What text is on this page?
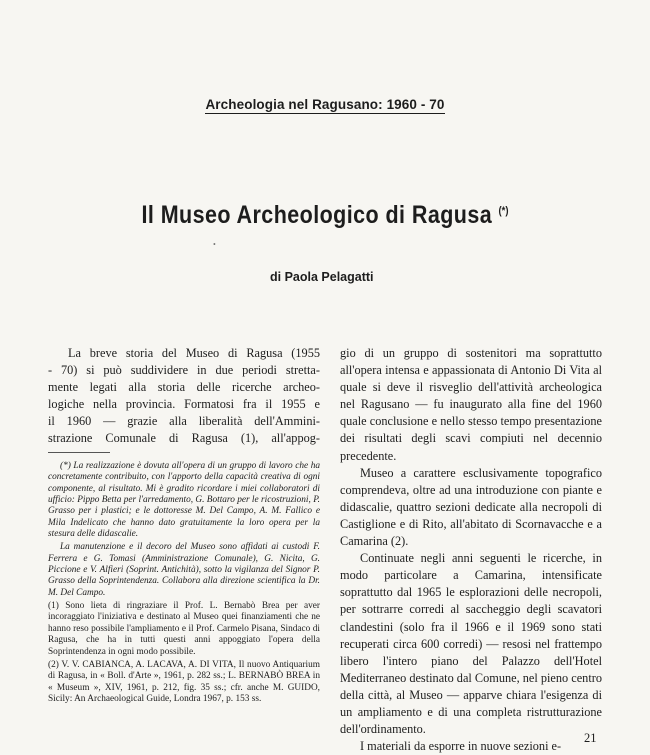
Archeologia nel Ragusano: 1960 - 70
Il Museo Archeologico di Ragusa (*)
•
di Paola Pelagatti

La breve storia del Museo di Ragusa (1955

- 70) si può suddividere in due periodi stretta-

mente legati alla storia delle ricerche archeo-

logiche nella provincia. Formatosi fra il 1955 e

il 1960 — grazie alla liberalità dell'Ammini-

strazione Comunale di Ragusa (1), all'appog-

(*) La realizzazione è dovuta all'opera di un gruppo di lavoro che ha concretamente contribuito, con l'apporto della capacità creativa di ogni componente, al risultato. Mi è gradito ricordare i miei collaboratori di ufficio: Pippo Betta per l'arredamento, G. Bottaro per le ricostruzioni, P. Grasso per i plastici; e le dottoresse M. Del Campo, A. M. Fallico e Mila Indelicato che hanno dato gratuitamente la loro opera per la stesura delle didascalie.

La manutenzione e il decoro del Museo sono affidati ai custodi F. Ferrera e G. Tomasi (Amministrazione Comunale), G. Nicita, G. Piccione e V. Alfieri (Soprint. Antichità), sotto la vigilanza del Signor P. Grasso della Soprintendenza. Collabora alla direzione scientifica la Dr. M. Del Campo.

(1) Sono lieta di ringraziare il Prof. L. Bernabò Brea per aver incoraggiato l'iniziativa e destinato al Museo quei finanziamenti che ne hanno reso possibile l'ampliamento e il Prof. Carmelo Pisana, Sindaco di Ragusa, che ha in tutti questi anni appoggiato l'opera della Soprintendenza in ogni modo possibile.

(2) V. V. CABIANCA, A. LACAVA, A. DI VITA, Il nuovo Antiquarium di Ragusa, in « Boll. d'Arte », 1961, p. 282 ss.; L. BERNABÒ BREA in « Museum », XIV, 1961, p. 212, fig. 35 ss.; cfr. anche M. GUIDO, Sicily: An Archaeological Guide, Londra 1967, p. 153 ss.

gio di un gruppo di sostenitori ma soprattutto all'opera intensa e appassionata di Antonio Di Vita al quale si deve il risveglio dell'attività archeologica nel Ragusano — fu inaugurato alla fine del 1960 quale conclusione e nello stesso tempo presentazione dei risultati degli scavi compiuti nel decennio precedente.

Museo a carattere esclusivamente topografico comprendeva, oltre ad una introduzione con piante e didascalie, quattro sezioni dedicate alla necropoli di Castiglione e di Rito, all'abitato di Scornavacche e a Camarina (2).

Continuate negli anni seguenti le ricerche, in modo particolare a Camarina, intensificate soprattutto dal 1965 le esplorazioni delle necropoli, per sottrarre corredi al saccheggio degli scavatori clandestini (solo fra il 1966 e il 1969 sono stati recuperati circa 600 corredi) — resosi nel frattempo libero l'intero piano del Palazzo dell'Hotel Mediterraneo destinato dal Comune, nel pieno centro della città, al Museo — apparve chiara l'esigenza di un ampliamento e di una completa ristrutturazione dell'ordinamento.

I materiali da esporre in nuove sezioni e-

21
